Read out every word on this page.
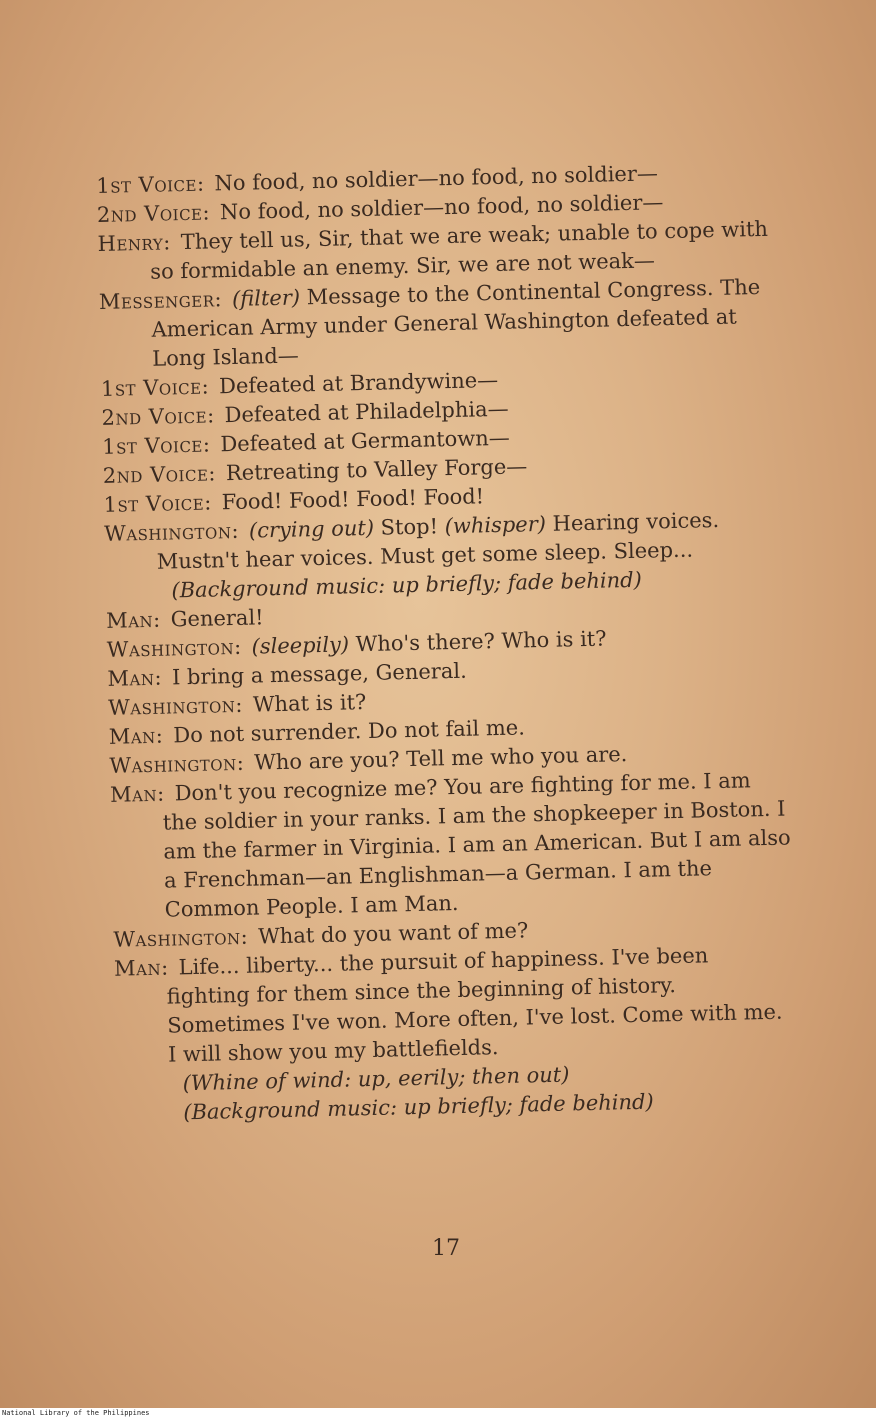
1st Voice: No food, no soldier—no food, no soldier—

2nd Voice: No food, no soldier—no food, no soldier—

Henry: They tell us, Sir, that we are weak; unable to cope with so formidable an enemy. Sir, we are not weak—

Messenger: (filter) Message to the Continental Congress. The American Army under General Washington defeated at Long Island—

1st Voice: Defeated at Brandywine—

2nd Voice: Defeated at Philadelphia—

1st Voice: Defeated at Germantown—

2nd Voice: Retreating to Valley Forge—

1st Voice: Food! Food! Food! Food!

Washington: (crying out) Stop! (whisper) Hearing voices. Mustn't hear voices. Must get some sleep. Sleep...

(Background music: up briefly; fade behind)

Man: General!

Washington: (sleepily) Who's there? Who is it?

Man: I bring a message, General.

Washington: What is it?

Man: Do not surrender. Do not fail me.

Washington: Who are you? Tell me who you are.

Man: Don't you recognize me? You are fighting for me. I am the soldier in your ranks. I am the shopkeeper in Boston. I am the farmer in Virginia. I am an American. But I am also a Frenchman—an Englishman—a German. I am the Common People. I am Man.

Washington: What do you want of me?

Man: Life... liberty... the pursuit of happiness. I've been fighting for them since the beginning of history. Sometimes I've won. More often, I've lost. Come with me. I will show you my battlefields.

(Whine of wind: up, eerily; then out)

(Background music: up briefly; fade behind)

17
National Library of the Philippines
